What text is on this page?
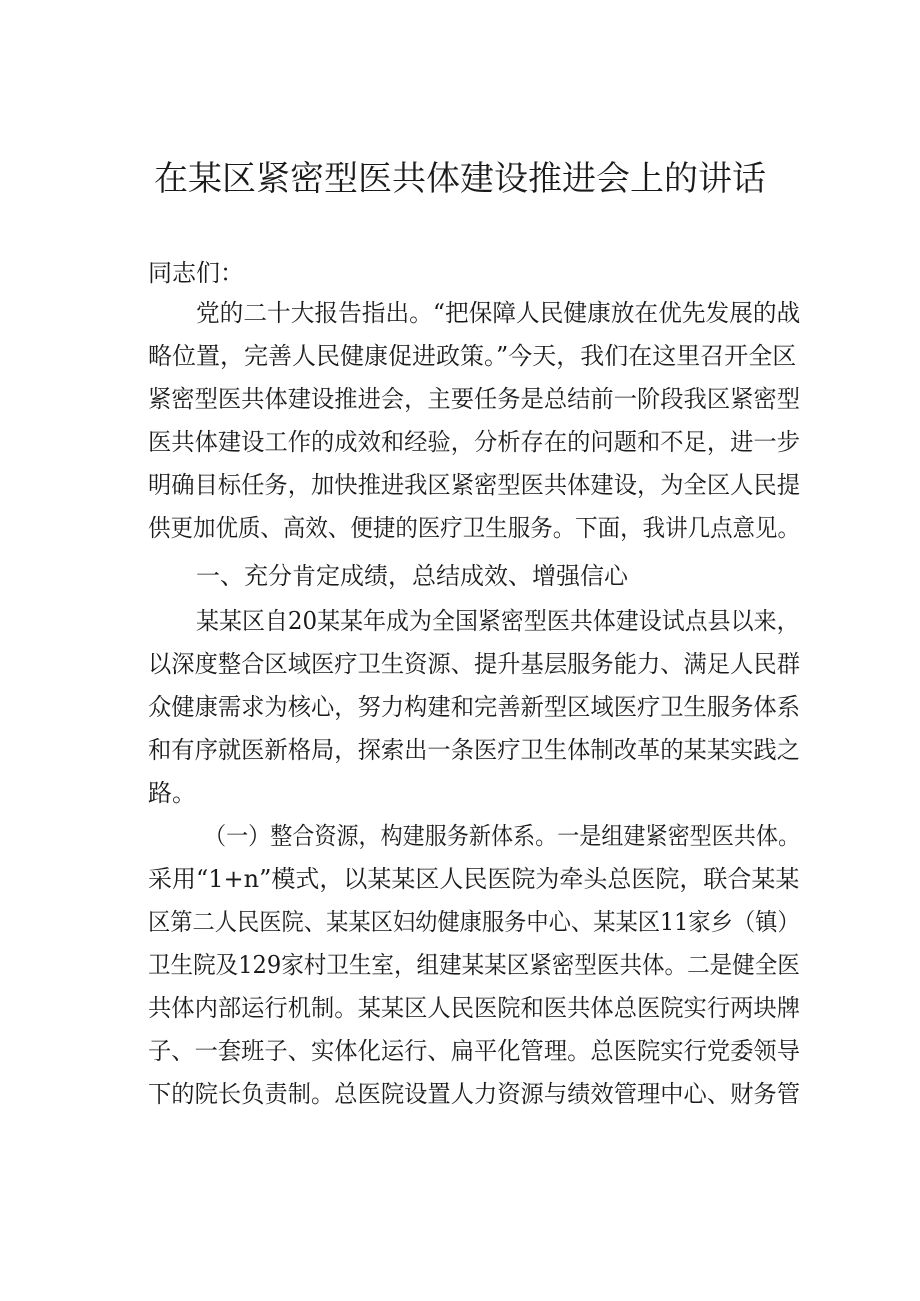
在某区紧密型医共体建设推进会上的讲话

同志们：

党的二十大报告指出。“把保障人民健康放在优先发展的战

略位置，完善人民健康促进政策。”今天，我们在这里召开全区

紧密型医共体建设推进会，主要任务是总结前一阶段我区紧密型

医共体建设工作的成效和经验，分析存在的问题和不足，进一步

明确目标任务，加快推进我区紧密型医共体建设，为全区人民提

供更加优质、高效、便捷的医疗卫生服务。下面，我讲几点意见。

一、充分肯定成绩，总结成效、增强信心

某某区自20某某年成为全国紧密型医共体建设试点县以来，

以深度整合区域医疗卫生资源、提升基层服务能力、满足人民群

众健康需求为核心，努力构建和完善新型区域医疗卫生服务体系

和有序就医新格局，探索出一条医疗卫生体制改革的某某实践之

路。

（一）整合资源，构建服务新体系。一是组建紧密型医共体。

采用“1+n”模式，以某某区人民医院为牵头总医院，联合某某

区第二人民医院、某某区妇幼健康服务中心、某某区11家乡（镇）

卫生院及129家村卫生室，组建某某区紧密型医共体。二是健全医

共体内部运行机制。某某区人民医院和医共体总医院实行两块牌

子、一套班子、实体化运行、扁平化管理。总医院实行党委领导

下的院长负责制。总医院设置人力资源与绩效管理中心、财务管
